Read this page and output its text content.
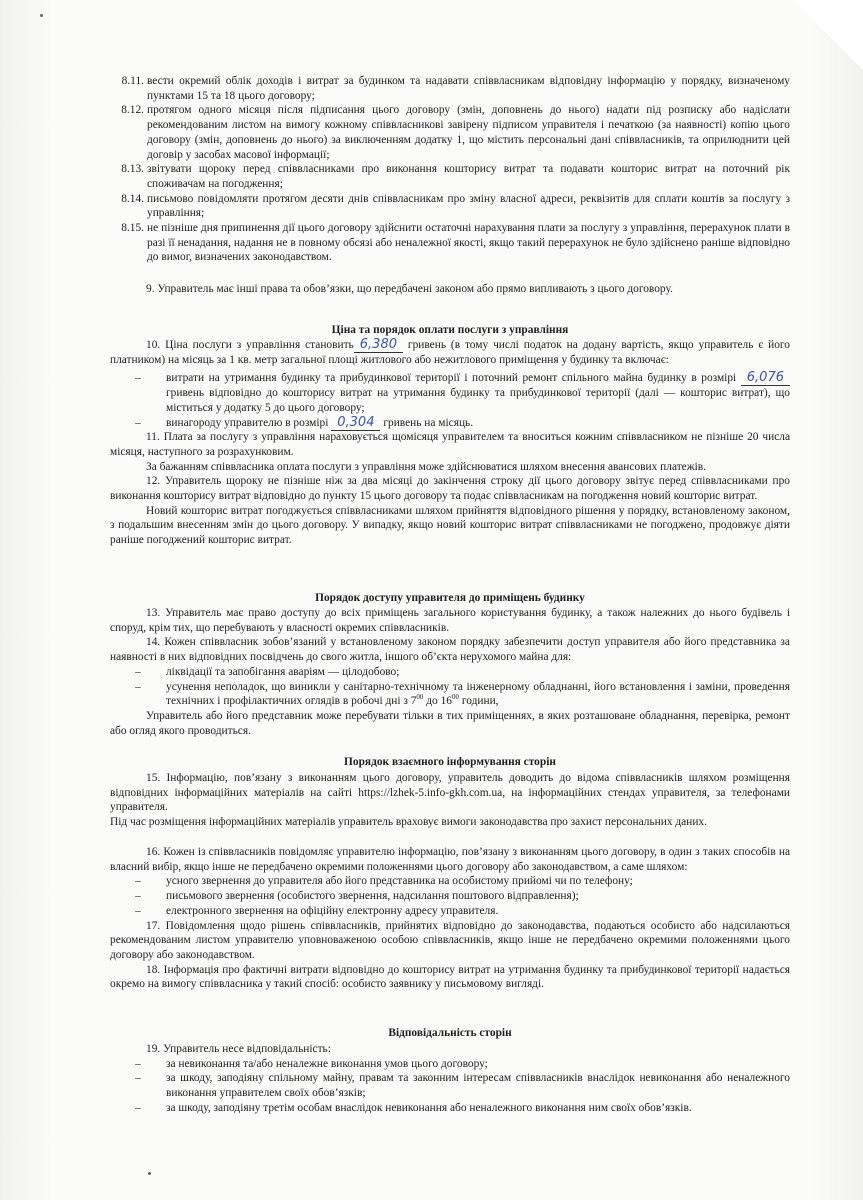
8.11. вести окремий облік доходів і витрат за будинком та надавати співвласникам відповідну інформацію у порядку, визначеному пунктами 15 та 18 цього договору;
8.12. протягом одного місяця після підписання цього договору (змін, доповнень до нього) надати під розписку або надіслати рекомендованим листом на вимогу кожному співвласникові завірену підписом управителя і печаткою (за наявності) копію цього договору (змін, доповнень до нього) за виключенням додатку 1, що містить персональні дані співвласників, та оприлюднити цей договір у засобах масової інформації;
8.13. звітувати щороку перед співвласниками про виконання кошторису витрат та подавати кошторис витрат на поточний рік споживачам на погодження;
8.14. письмово повідомляти протягом десяти днів співвласникам про зміну власної адреси, реквізитів для сплати коштів за послугу з управління;
8.15. не пізніше дня припинення дії цього договору здійснити остаточні нарахування плати за послугу з управління, перерахунок плати в разі її ненадання, надання не в повному обсязі або неналежної якості, якщо такий перерахунок не було здійснено раніше відповідно до вимог, визначених законодавством.
9. Управитель має інші права та обов’язки, що передбачені законом або прямо випливають з цього договору.
Ціна та порядок оплати послуги з управління
10. Ціна послуги з управління становить 6,380 гривень (в тому числі податок на додану вартість, якщо управитель є його платником) на місяць за 1 кв. метр загальної площі житлового або нежитлового приміщення у будинку та включає:
–	витрати на утримання будинку та прибудинкової території і поточний ремонт спільного майна будинку в розмірі 6,076 гривень відповідно до кошторису витрат на утримання будинку та прибудинкової території (далі — кошторис витрат), що міститься у додатку 5 до цього договору;
–	винагороду управителю в розмірі 0,304 гривень на місяць.
11. Плата за послугу з управління нараховується щомісяця управителем та вноситься кожним співвласником не пізніше 20 числа місяця, наступного за розрахунковим.
За бажанням співвласника оплата послуги з управління може здійснюватися шляхом внесення авансових платежів.
12. Управитель щороку не пізніше ніж за два місяці до закінчення строку дії цього договору звітує перед співвласниками про виконання кошторису витрат відповідно до пункту 15 цього договору та подає співвласникам на погодження новий кошторис витрат.
Новий кошторис витрат погоджується співвласниками шляхом прийняття відповідного рішення у порядку, встановленому законом, з подальшим внесенням змін до цього договору. У випадку, якщо новий кошторис витрат співвласниками не погоджено, продовжує діяти раніше погоджений кошторис витрат.
Порядок доступу управителя до приміщень будинку
13. Управитель має право доступу до всіх приміщень загального користування будинку, а також належних до нього будівель і споруд, крім тих, що перебувають у власності окремих співвласників.
14. Кожен співвласник зобов’язаний у встановленому законом порядку забезпечити доступ управителя або його представника за наявності в них відповідних посвідчень до свого житла, іншого об’єкта нерухомого майна для:
–	ліквідації та запобігання аваріям — цілодобово;
–	усунення неполадок, що виникли у санітарно-технічному та інженерному обладнанні, його встановлення і заміни, проведення технічних і профілактичних оглядів в робочі дні з $7^{00}$ до $16^{00}$ години,
Управитель або його представник може перебувати тільки в тих приміщеннях, в яких розташоване обладнання, перевірка, ремонт або огляд якого проводиться.
Порядок взаємного інформування сторін
15. Інформацію, пов’язану з виконанням цього договору, управитель доводить до відома співвласників шляхом розміщення відповідних інформаційних матеріалів на сайті https://lzhek-5.info-gkh.com.ua, на інформаційних стендах управителя, за телефонами управителя.
Під час розміщення інформаційних матеріалів управитель враховує вимоги законодавства про захист персональних даних.
16. Кожен із співвласників повідомляє управителю інформацію, пов’язану з виконанням цього договору, в один з таких способів на власний вибір, якщо інше не передбачено окремими положеннями цього договору або законодавством, а саме шляхом:
–	усного звернення до управителя або його представника на особистому прийомі чи по телефону;
–	письмового звернення (особистого звернення, надсилання поштового відправлення);
–	електронного звернення на офіційну електронну адресу управителя.
17. Повідомлення щодо рішень співвласників, прийнятих відповідно до законодавства, подаються особисто або надсилаються рекомендованим листом управителю уповноваженою особою співвласників, якщо інше не передбачено окремими положеннями цього договору або законодавством.
18. Інформація про фактичні витрати відповідно до кошторису витрат на утримання будинку та прибудинкової території надається окремо на вимогу співвласника у такий спосіб: особисто заявнику у письмовому вигляді.
Відповідальність сторін
19. Управитель несе відповідальність:
–	за невиконання та/або неналежне виконання умов цього договору;
–	за шкоду, заподіяну спільному майну, правам та законним інтересам співвласників внаслідок невиконання або неналежного виконання управителем своїх обов’язків;
–	за шкоду, заподіяну третім особам внаслідок невиконання або неналежного виконання ним своїх обов’язків.
